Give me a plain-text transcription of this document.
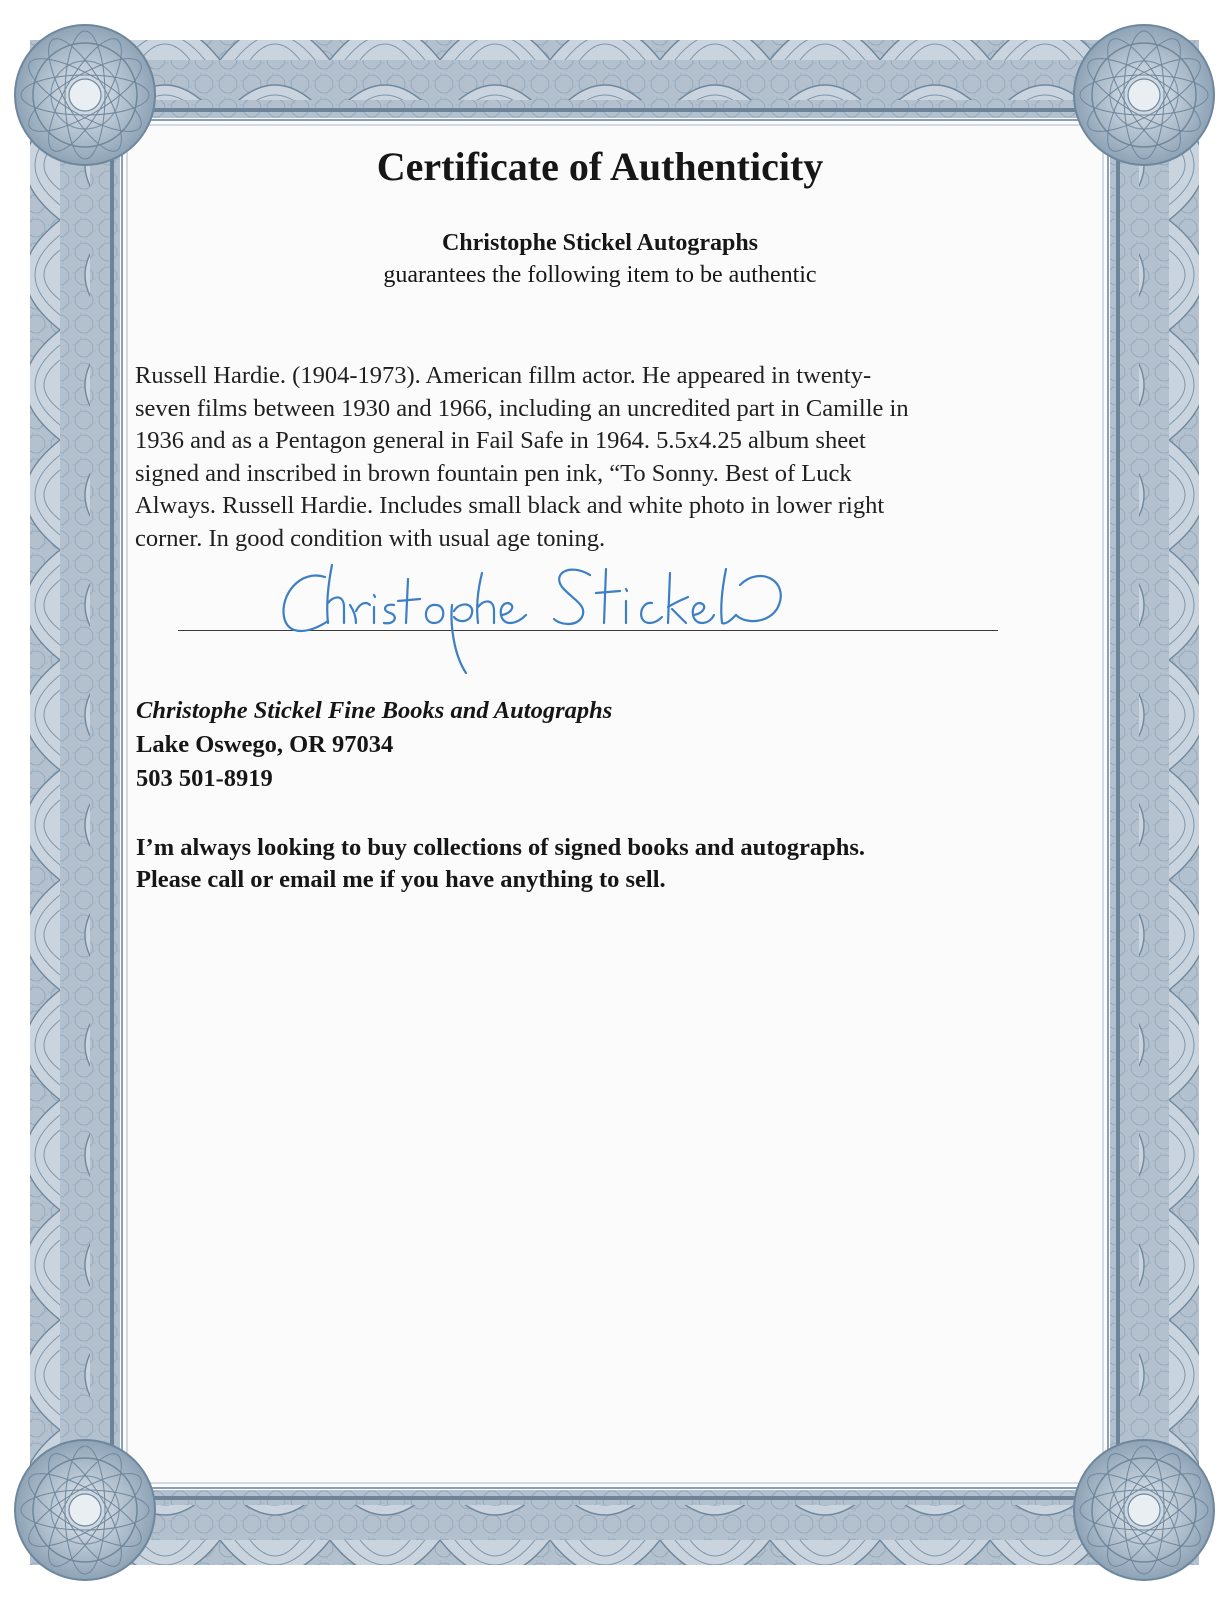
Certificate of Authenticity
Christophe Stickel Autographs
guarantees the following item to be authentic
Russell Hardie. (1904-1973). American fillm actor. He appeared in twenty-
seven films between 1930 and 1966, including an uncredited part in Camille in
1936 and as a Pentagon general in Fail Safe in 1964. 5.5x4.25 album sheet
signed and inscribed in brown fountain pen ink, “To Sonny. Best of Luck
Always. Russell Hardie. Includes small black and white photo in lower right
corner. In good condition with usual age toning.
Christophe Stickel Fine Books and Autographs
Lake Oswego, OR 97034
503 501-8919
I’m always looking to buy collections of signed books and autographs.
Please call or email me if you have anything to sell.
